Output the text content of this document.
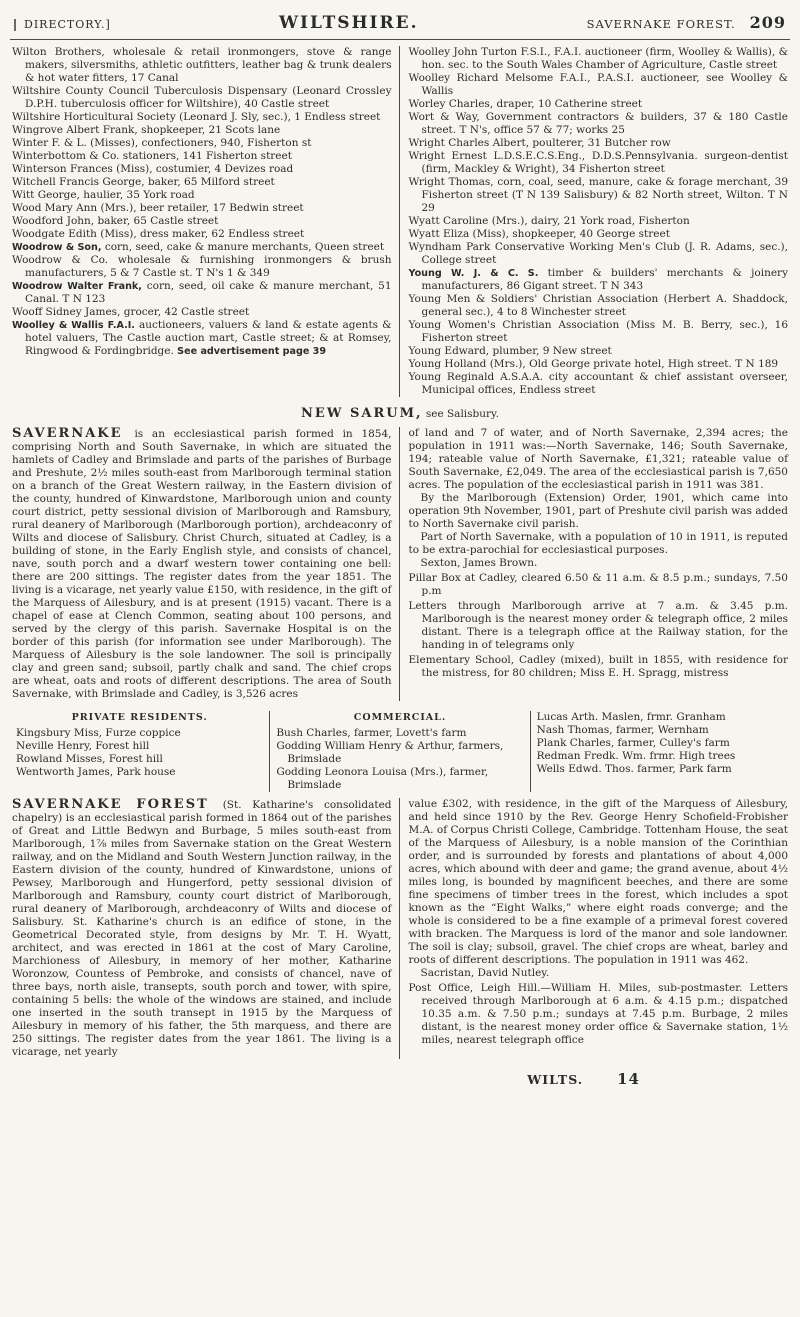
DIRECTORY.]	WILTSHIRE.	SAVERNAKE FOREST. 209
Wilton Brothers, wholesale & retail ironmongers, stove & range makers, silversmiths, athletic outfitters, leather bag & trunk dealers & hot water fitters, 17 Canal
Wiltshire County Council Tuberculosis Dispensary (Leonard Crossley D.P.H. tuberculosis officer for Wiltshire), 40 Castle street
Wiltshire Horticultural Society (Leonard J. Sly, sec.), 1 Endless street
Wingrove Albert Frank, shopkeeper, 21 Scots lane
Winter F. & L. (Misses), confectioners, 940, Fisherton st
Winterbottom & Co. stationers, 141 Fisherton street
Winterson Frances (Miss), costumier, 4 Devizes road
Witchell Francis George, baker, 65 Milford street
Witt George, haulier, 35 York road
Wood Mary Ann (Mrs.), beer retailer, 17 Bedwin street
Woodford John, baker, 65 Castle street
Woodgate Edith (Miss), dress maker, 62 Endless street
Woodrow & Son, corn, seed, cake & manure merchants, Queen street
Woodrow & Co. wholesale & furnishing ironmongers & brush manufacturers, 5 & 7 Castle st. T N's 1 & 349
Woodrow Walter Frank, corn, seed, oil cake & manure merchant, 51 Canal. T N 123
Wooff Sidney James, grocer, 42 Castle street
Woolley & Wallis F.A.I. auctioneers, valuers & land & estate agents & hotel valuers, The Castle auction mart, Castle street; & at Romsey, Ringwood & Fordingbridge. See advertisement page 39
Woolley John Turton F.S.I., F.A.I. auctioneer (firm, Woolley & Wallis), & hon. sec. to the South Wales Chamber of Agriculture, Castle street
Woolley Richard Melsome F.A.I., P.A.S.I. auctioneer, see Woolley & Wallis
Worley Charles, draper, 10 Catherine street
Wort & Way, Government contractors & builders, 37 & 180 Castle street. T N's, office 57 & 77; works 25
Wright Charles Albert, poulterer, 31 Butcher row
Wright Ernest L.D.S.E.C.S.Eng., D.D.S.Pennsylvania. surgeon-dentist (firm, Mackley & Wright), 34 Fisherton street
Wright Thomas, corn, coal, seed, manure, cake & forage merchant, 39 Fisherton street (T N 139 Salisbury) & 82 North street, Wilton. T N 29
Wyatt Caroline (Mrs.), dairy, 21 York road, Fisherton
Wyatt Eliza (Miss), shopkeeper, 40 George street
Wyndham Park Conservative Working Men's Club (J. R. Adams, sec.), College street
Young W. J. & C. S. timber & builders' merchants & joinery manufacturers, 86 Gigant street. T N 343
Young Men & Soldiers' Christian Association (Herbert A. Shaddock, general sec.), 4 to 8 Winchester street
Young Women's Christian Association (Miss M. B. Berry, sec.), 16 Fisherton street
Young Edward, plumber, 9 New street
Young Holland (Mrs.), Old George private hotel, High street. T N 189
Young Reginald A.S.A.A. city accountant & chief assistant overseer, Municipal offices, Endless street
NEW SARUM, see Salisbury.
SAVERNAKE is an ecclesiastical parish formed in 1854, comprising North and South Savernake, in which are situated the hamlets of Cadley and Brimslade and parts of the parishes of Burbage and Preshute, 2½ miles south-east from Marlborough terminal station on a branch of the Great Western railway, in the Eastern division of the county, hundred of Kinwardstone, Marlborough union and county court district, petty sessional division of Marlborough and Ramsbury, rural deanery of Marlborough (Marlborough portion), archdeaconry of Wilts and diocese of Salisbury. Christ Church, situated at Cadley, is a building of stone, in the Early English style, and consists of chancel, nave, south porch and a dwarf western tower containing one bell: there are 200 sittings. The register dates from the year 1851. The living is a vicarage, net yearly value £150, with residence, in the gift of the Marquess of Ailesbury, and is at present (1915) vacant. There is a chapel of ease at Clench Common, seating about 100 persons, and served by the clergy of this parish. Savernake Hospital is on the border of this parish (for information see under Marlborough). The Marquess of Ailesbury is the sole landowner. The soil is principally clay and green sand; subsoil, partly chalk and sand. The chief crops are wheat, oats and roots of different descriptions. The area of South Savernake, with Brimslade and Cadley, is 3,526 acres
of land and 7 of water, and of North Savernake, 2,394 acres; the population in 1911 was:—North Savernake, 146; South Savernake, 194; rateable value of North Savernake, £1,321; rateable value of South Savernake, £2,049. The area of the ecclesiastical parish is 7,650 acres. The population of the ecclesiastical parish in 1911 was 381.
By the Marlborough (Extension) Order, 1901, which came into operation 9th November, 1901, part of Preshute civil parish was added to North Savernake civil parish.
Part of North Savernake, with a population of 10 in 1911, is reputed to be extra-parochial for ecclesiastical purposes.
Sexton, James Brown.
Pillar Box at Cadley, cleared 6.50 & 11 a.m. & 8.5 p.m.; sundays, 7.50 p.m
Letters through Marlborough arrive at 7 a.m. & 3.45 p.m. Marlborough is the nearest money order & telegraph office, 2 miles distant. There is a telegraph office at the Railway station, for the handing in of telegrams only
Elementary School, Cadley (mixed), built in 1855, with residence for the mistress, for 80 children; Miss E. H. Spragg, mistress
PRIVATE RESIDENTS.
Kingsbury Miss, Furze coppice
Neville Henry, Forest hill
Rowland Misses, Forest hill
Wentworth James, Park house
COMMERCIAL.
Bush Charles, farmer, Lovett's farm
Godding William Henry & Arthur, farmers, Brimslade
Godding Leonora Louisa (Mrs.), farmer, Brimslade
Lucas Arth. Maslen, frmr. Granham
Nash Thomas, farmer, Wernham
Plank Charles, farmer, Culley's farm
Redman Fredk. Wm. frmr. High trees
Wells Edwd. Thos. farmer, Park farm
SAVERNAKE FOREST (St. Katharine's consolidated chapelry) is an ecclesiastical parish formed in 1864 out of the parishes of Great and Little Bedwyn and Burbage, 5 miles south-east from Marlborough, 1⅞ miles from Savernake station on the Great Western railway, and on the Midland and South Western Junction railway, in the Eastern division of the county, hundred of Kinwardstone, unions of Pewsey, Marlborough and Hungerford, petty sessional division of Marlborough and Ramsbury, county court district of Marlborough, rural deanery of Marlborough, archdeaconry of Wilts and diocese of Salisbury. St. Katharine's church is an edifice of stone, in the Geometrical Decorated style, from designs by Mr. T. H. Wyatt, architect, and was erected in 1861 at the cost of Mary Caroline, Marchioness of Ailesbury, in memory of her mother, Katharine Woronzow, Countess of Pembroke, and consists of chancel, nave of three bays, north aisle, transepts, south porch and tower, with spire, containing 5 bells: the whole of the windows are stained, and include one inserted in the south transept in 1915 by the Marquess of Ailesbury in memory of his father, the 5th marquess, and there are 250 sittings. The register dates from the year 1861. The living is a vicarage, net yearly
value £302, with residence, in the gift of the Marquess of Ailesbury, and held since 1910 by the Rev. George Henry Schofield-Frobisher M.A. of Corpus Christi College, Cambridge. Tottenham House, the seat of the Marquess of Ailesbury, is a noble mansion of the Corinthian order, and is surrounded by forests and plantations of about 4,000 acres, which abound with deer and game; the grand avenue, about 4½ miles long, is bounded by magnificent beeches, and there are some fine specimens of timber trees in the forest, which includes a spot known as the “Eight Walks,” where eight roads converge; and the whole is considered to be a fine example of a primeval forest covered with bracken. The Marquess is lord of the manor and sole landowner. The soil is clay; subsoil, gravel. The chief crops are wheat, barley and roots of different descriptions. The population in 1911 was 462.
Sacristan, David Nutley.
Post Office, Leigh Hill.—William H. Miles, sub-postmaster. Letters received through Marlborough at 6 a.m. & 4.15 p.m.; dispatched 10.35 a.m. & 7.50 p.m.; sundays at 7.45 p.m. Burbage, 2 miles distant, is the nearest money order office & Savernake station, 1½ miles, nearest telegraph office
WILTS. 14
